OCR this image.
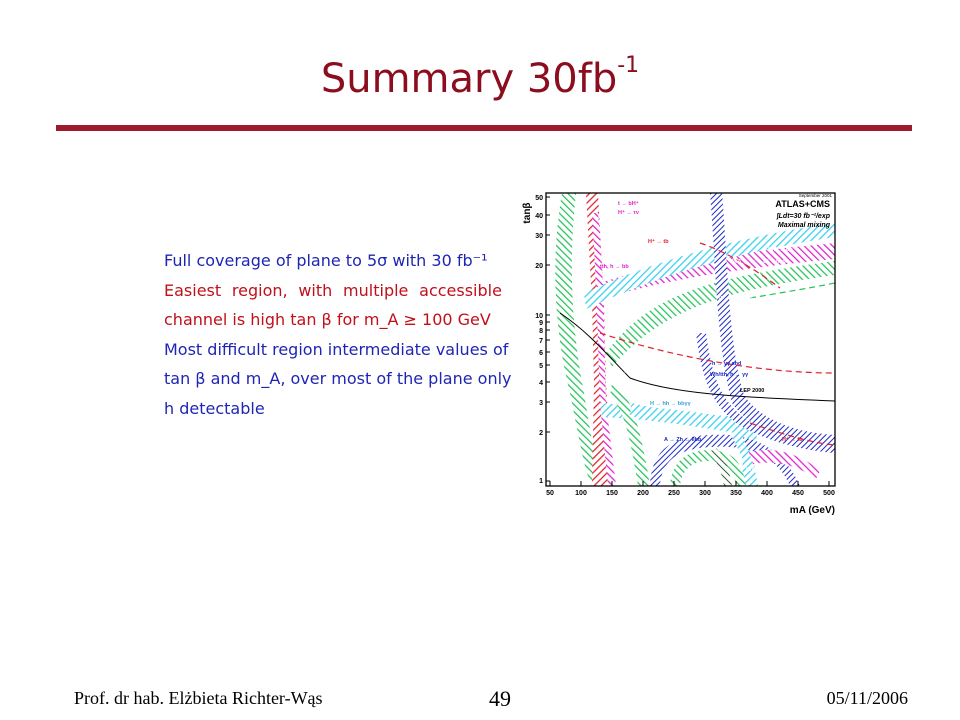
Summary $30fb^{-1}$
Full coverage of plane to 5σ with 30 fb⁻¹
Easiest region, with multiple accessible
channel is high tan β for m_A ≥ 100 GeV
Most difficult region intermediate values of
tan β and m_A, over most of the plane only
h detectable
50
40
30
20
10
9
8
7
6
5
4
3
2
1
50	100	150	200	250	300	350	400	450	500
tanβ
mA (GeV)
September 2001
ATLAS+CMS
∫Ldt=30 fb⁻¹/exp
Maximal mixing
t → bH⁺
H⁺ → τν
H⁺ → tb
tth, h → bb
gb → tH⁺, H⁺ → τν
H/A → μμ
H/A → ττ → ℓℓ, ℓ had
ττ → had had
H → ZZ⁽*⁾
→ 4 leptons
h → γγ and
Wh/tth, h → γγ
LEP 2000
H → hh → bbγγ
A → Zh → llbb	H⁺ → tb
H/A → tt
Prof. dr hab. Elżbieta Richter-Wąs	49	05/11/2006
